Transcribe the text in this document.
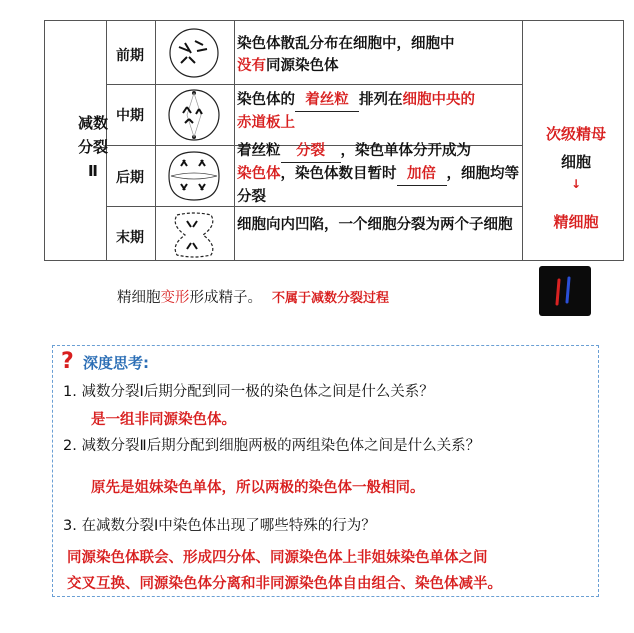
减数
分裂Ⅱ
前期
中期
后期
末期
染色体散乱分布在细胞中，细胞中
没有同源染色体
染色体的 着丝粒 排列在细胞中央的
赤道板上
着丝粒 分裂 ，染色单体分开成为
染色体，染色体数目暂时 加倍 ，细胞均等分裂
细胞向内凹陷，一个细胞分裂为两个子细胞
次级精母
细胞
↓
精细胞
精细胞变形形成精子。 不属于减数分裂过程
? 深度思考:
1. 减数分裂Ⅰ后期分配到同一极的染色体之间是什么关系？
是一组非同源染色体。
2. 减数分裂Ⅱ后期分配到细胞两极的两组染色体之间是什么关系？
原先是姐妹染色单体，所以两极的染色体一般相同。
3. 在减数分裂Ⅰ中染色体出现了哪些特殊的行为？
同源染色体联会、形成四分体、同源染色体上非姐妹染色单体之间
交叉互换、同源染色体分离和非同源染色体自由组合、染色体减半。
